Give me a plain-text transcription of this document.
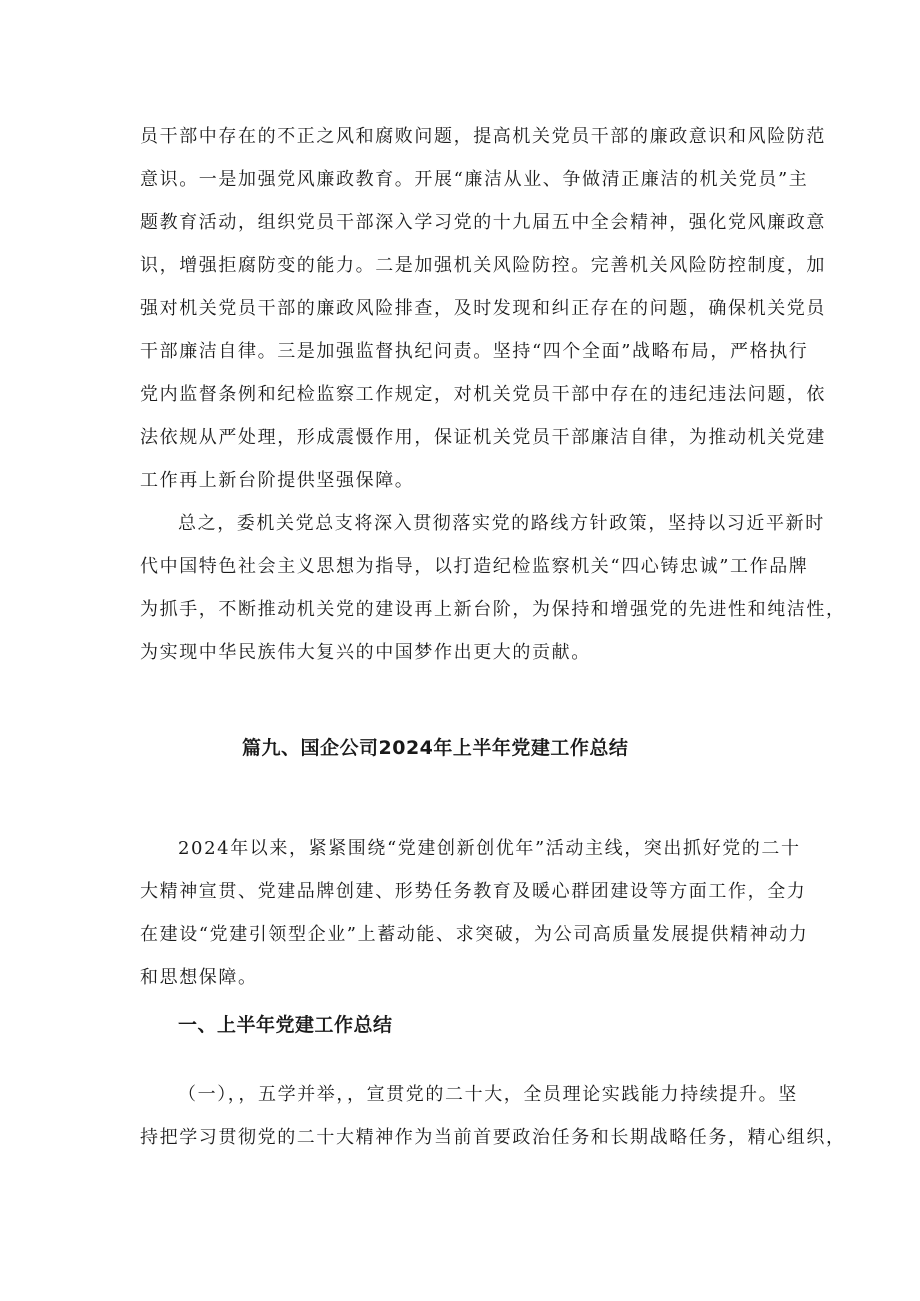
员干部中存在的不正之风和腐败问题，提高机关党员干部的廉政意识和风险防范

意识。一是加强党风廉政教育。开展“廉洁从业、争做清正廉洁的机关党员”主

题教育活动，组织党员干部深入学习党的十九届五中全会精神，强化党风廉政意

识，增强拒腐防变的能力。二是加强机关风险防控。完善机关风险防控制度，加

强对机关党员干部的廉政风险排查，及时发现和纠正存在的问题，确保机关党员

干部廉洁自律。三是加强监督执纪问责。坚持“四个全面”战略布局，严格执行

党内监督条例和纪检监察工作规定，对机关党员干部中存在的违纪违法问题，依

法依规从严处理，形成震慑作用，保证机关党员干部廉洁自律，为推动机关党建

工作再上新台阶提供坚强保障。

总之，委机关党总支将深入贯彻落实党的路线方针政策，坚持以习近平新时

代中国特色社会主义思想为指导，以打造纪检监察机关“四心铸忠诚”工作品牌

为抓手，不断推动机关党的建设再上新台阶，为保持和增强党的先进性和纯洁性，

为实现中华民族伟大复兴的中国梦作出更大的贡献。

篇九、国企公司2024年上半年党建工作总结

2024年以来，紧紧围绕“党建创新创优年”活动主线，突出抓好党的二十

大精神宣贯、党建品牌创建、形势任务教育及暖心群团建设等方面工作，全力

在建设“党建引领型企业”上蓄动能、求突破，为公司高质量发展提供精神动力

和思想保障。

一、上半年党建工作总结

（一），，五学并举，，宣贯党的二十大，全员理论实践能力持续提升。坚

持把学习贯彻党的二十大精神作为当前首要政治任务和长期战略任务，精心组织，
